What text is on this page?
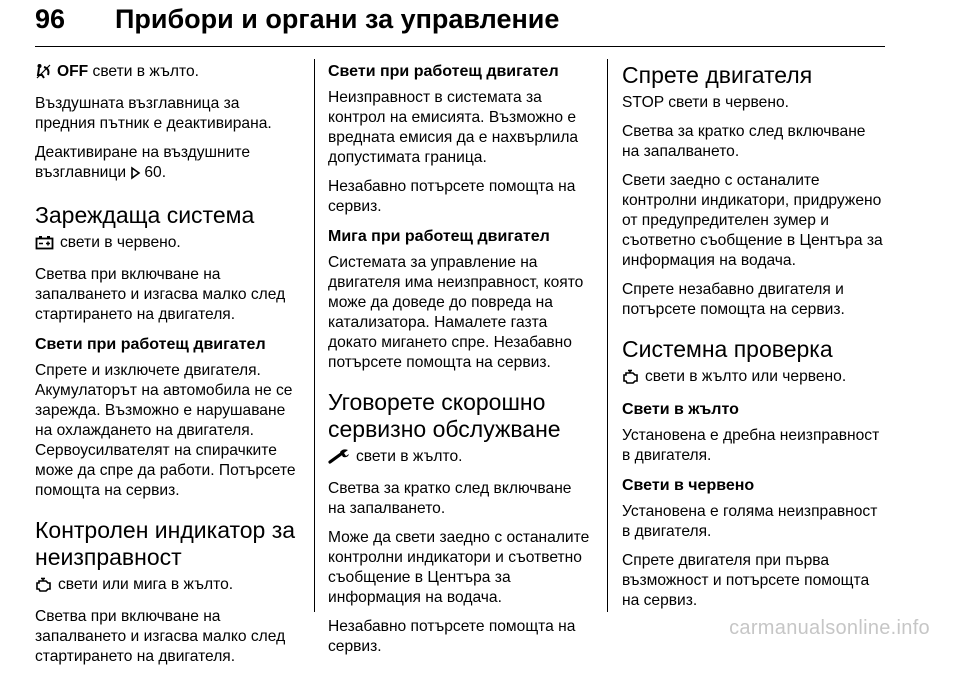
96 Прибори и органи за управление

OFF свети в жълто.

Въздушната възглавница за предния пътник е деактивирана.

Деактивиране на въздушните възглавници 60.

Зареждаща система

свети в червено.

Светва при включване на запалването и изгасва малко след стартирането на двигателя.

Свети при работещ двигател

Спрете и изключете двигателя. Акумулаторът на автомобила не се зарежда. Възможно е нарушаване на охлаждането на двигателя. Сервоусилвателят на спирачките може да спре да работи. Потърсете помощта на сервиз.

Контролен индикатор за неизправност

свети или мига в жълто.

Светва при включване на запалването и изгасва малко след стартирането на двигателя.

Свети при работещ двигател

Неизправност в системата за контрол на емисията. Възможно е вредната емисия да е нахвърлила допустимата граница.

Незабавно потърсете помощта на сервиз.

Мига при работещ двигател

Системата за управление на двигателя има неизправност, която може да доведе до повреда на катализатора. Намалете газта докато мигането спре. Незабавно потърсете помощта на сервиз.

Уговорете скорошно сервизно обслужване

свети в жълто.

Светва за кратко след включване на запалването.

Може да свети заедно с останалите контролни индикатори и съответно съобщение в Центъра за информация на водача.

Незабавно потърсете помощта на сервиз.

Спрете двигателя

STOP свети в червено.

Светва за кратко след включване на запалването.

Свети заедно с останалите контролни индикатори, придружено от предупредителен зумер и съответно съобщение в Центъра за информация на водача.

Спрете незабавно двигателя и потърсете помощта на сервиз.

Системна проверка

свети в жълто или червено.

Свети в жълто

Установена е дребна неизправност в двигателя.

Свети в червено

Установена е голяма неизправност в двигателя.

Спрете двигателя при първа възможност и потърсете помощта на сервиз.

carmanualsonline.info
